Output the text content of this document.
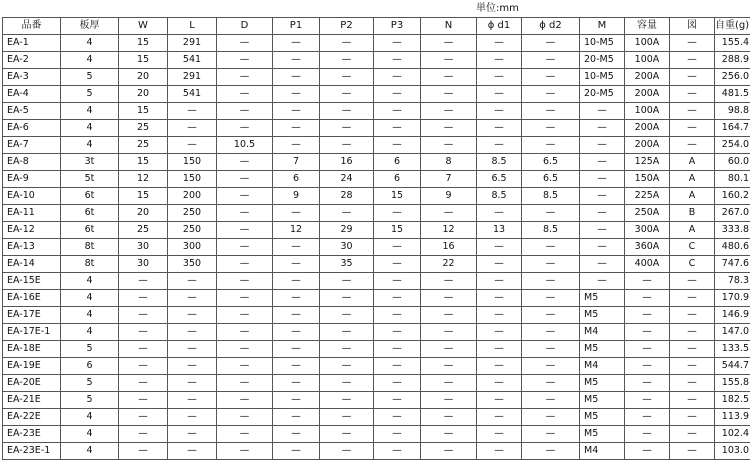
単位:mm
品番	板厚	W	L	D	P1	P2	P3	N	ϕ d1	ϕ d2	M	容量	図	自重(g)
EA-1	4	15	291	—	—	—	—	—	—	—	10-M5	100A	—	155.4
EA-2	4	15	541	—	—	—	—	—	—	—	20-M5	100A	—	288.9
EA-3	5	20	291	—	—	—	—	—	—	—	10-M5	200A	—	256.0
EA-4	5	20	541	—	—	—	—	—	—	—	20-M5	200A	—	481.5
EA-5	4	15	—	—	—	—	—	—	—	—	—	100A	—	98.8
EA-6	4	25	—	—	—	—	—	—	—	—	—	200A	—	164.7
EA-7	4	25	—	10.5	—	—	—	—	—	—	—	200A	—	254.0
EA-8	3t	15	150	—	7	16	6	8	8.5	6.5	—	125A	A	60.0
EA-9	5t	12	150	—	6	24	6	7	6.5	6.5	—	150A	A	80.1
EA-10	6t	15	200	—	9	28	15	9	8.5	8.5	—	225A	A	160.2
EA-11	6t	20	250	—	—	—	—	—	—	—	—	250A	B	267.0
EA-12	6t	25	250	—	12	29	15	12	13	8.5	—	300A	A	333.8
EA-13	8t	30	300	—	—	30	—	16	—	—	—	360A	C	480.6
EA-14	8t	30	350	—	—	35	—	22	—	—	—	400A	C	747.6
EA-15E	4	—	—	—	—	—	—	—	—	—	—	—	—	78.3
EA-16E	4	—	—	—	—	—	—	—	—	—	M5	—	—	170.9
EA-17E	4	—	—	—	—	—	—	—	—	—	M5	—	—	146.9
EA-17E-1	4	—	—	—	—	—	—	—	—	—	M4	—	—	147.0
EA-18E	5	—	—	—	—	—	—	—	—	—	M5	—	—	133.5
EA-19E	6	—	—	—	—	—	—	—	—	—	M4	—	—	544.7
EA-20E	5	—	—	—	—	—	—	—	—	—	M5	—	—	155.8
EA-21E	5	—	—	—	—	—	—	—	—	—	M5	—	—	182.5
EA-22E	4	—	—	—	—	—	—	—	—	—	M5	—	—	113.9
EA-23E	4	—	—	—	—	—	—	—	—	—	M5	—	—	102.4
EA-23E-1	4	—	—	—	—	—	—	—	—	—	M4	—	—	103.0
